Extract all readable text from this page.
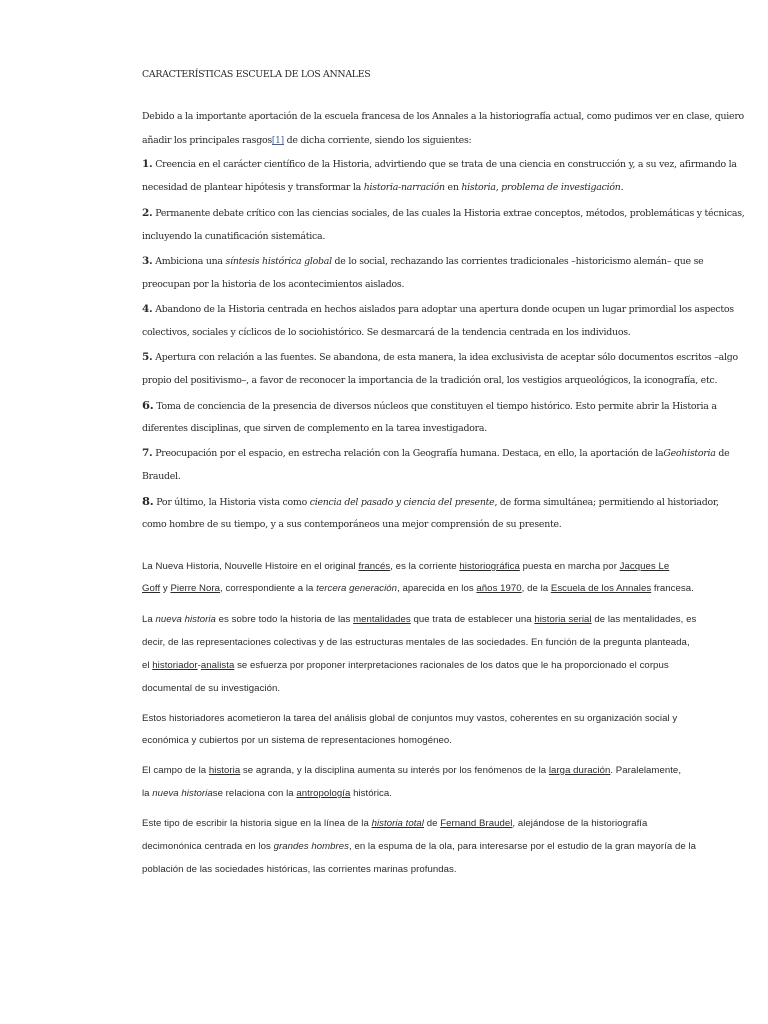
CARACTERÍSTICAS ESCUELA DE LOS ANNALES
Debido a la importante aportación de la escuela francesa de los Annales a la historiografía actual, como pudimos ver en clase, quiero
añadir los principales rasgos[1] de dicha corriente, siendo los siguientes:
1. Creencia en el carácter científico de la Historia, advirtiendo que se trata de una ciencia en construcción y, a su vez, afirmando la
necesidad de plantear hipótesis y transformar la historia-narración en historia, problema de investigación.
2. Permanente debate crítico con las ciencias sociales, de las cuales la Historia extrae conceptos, métodos, problemáticas y técnicas,
incluyendo la cunatificación sistemática.
3. Ambiciona una síntesis histórica global de lo social, rechazando las corrientes tradicionales –historicismo alemán– que se
preocupan por la historia de los acontecimientos aislados.
4. Abandono de la Historia centrada en hechos aislados para adoptar una apertura donde ocupen un lugar primordial los aspectos
colectivos, sociales y cíclicos de lo sociohistórico. Se desmarcará de la tendencia centrada en los individuos.
5. Apertura con relación a las fuentes. Se abandona, de esta manera, la idea exclusivista de aceptar sólo documentos escritos –algo
propio del positivismo–, a favor de reconocer la importancia de la tradición oral, los vestigios arqueológicos, la iconografía, etc.
6. Toma de conciencia de la presencia de diversos núcleos que constituyen el tiempo histórico. Esto permite abrir la Historia a
diferentes disciplinas, que sirven de complemento en la tarea investigadora.
7. Preocupación por el espacio, en estrecha relación con la Geografía humana. Destaca, en ello, la aportación de laGeohistoria de
Braudel.
8. Por último, la Historia vista como ciencia del pasado y ciencia del presente, de forma simultánea; permitiendo al historiador,
como hombre de su tiempo, y a sus contemporáneos una mejor comprensión de su presente.
La Nueva Historia, Nouvelle Histoire en el original francés, es la corriente historiográfica puesta en marcha por Jacques Le
Goff y Pierre Nora, correspondiente a la tercera generación, aparecida en los años 1970, de la Escuela de los Annales francesa.
La nueva historia es sobre todo la historia de las mentalidades que trata de establecer una historia serial de las mentalidades, es
decir, de las representaciones colectivas y de las estructuras mentales de las sociedades. En función de la pregunta planteada,
el historiador-analista se esfuerza por proponer interpretaciones racionales de los datos que le ha proporcionado el corpus
documental de su investigación.
Estos historiadores acometieron la tarea del análisis global de conjuntos muy vastos, coherentes en su organización social y
económica y cubiertos por un sistema de representaciones homogéneo.
El campo de la historia se agranda, y la disciplina aumenta su interés por los fenómenos de la larga duración. Paralelamente,
la nueva historiase relaciona con la antropología histórica.
Este tipo de escribir la historia sigue en la línea de la historia total de Fernand Braudel, alejándose de la historiografía
decimonónica centrada en los grandes hombres, en la espuma de la ola, para interesarse por el estudio de la gran mayoría de la
población de las sociedades históricas, las corrientes marinas profundas.
